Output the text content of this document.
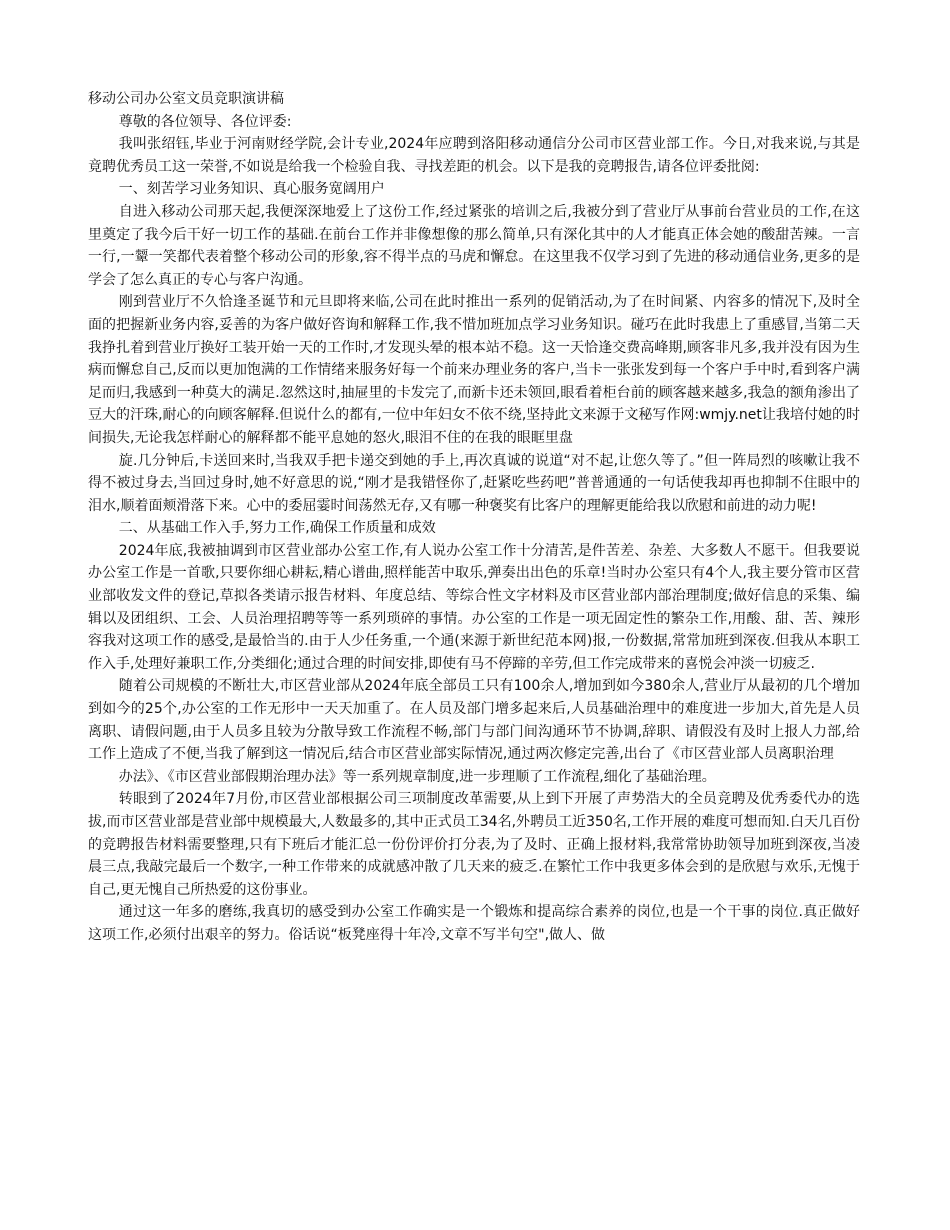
移动公司办公室文员竞职演讲稿

尊敬的各位领导、各位评委:

我叫张绍钰,毕业于河南财经学院,会计专业,2024年应聘到洛阳移动通信分公司市区营业部工作。今日,对我来说,与其是竟聘优秀员工这一荣誉,不如说是给我一个检验自我、寻找差距的机会。以下是我的竞聘报告,请各位评委批阅:

一、刻苦学习业务知识、真心服务宽阔用户

自进入移动公司那天起,我便深深地爱上了这份工作,经过紧张的培训之后,我被分到了营业厅从事前台营业员的工作,在这里奠定了我今后干好一切工作的基础.在前台工作并非像想像的那么简单,只有深化其中的人才能真正体会她的酸甜苦辣。一言一行,一颦一笑都代表着整个移动公司的形象,容不得半点的马虎和懈怠。在这里我不仅学习到了先进的移动通信业务,更多的是学会了怎么真正的专心与客户沟通。

刚到营业厅不久恰逢圣诞节和元旦即将来临,公司在此时推出一系列的促销活动,为了在时间紧、内容多的情况下,及时全面的把握新业务内容,妥善的为客户做好咨询和解释工作,我不惜加班加点学习业务知识。碰巧在此时我患上了重感冒,当第二天我挣扎着到营业厅换好工装开始一天的工作时,才发现头晕的根本站不稳。这一天恰逢交费高峰期,顾客非凡多,我并没有因为生病而懈怠自己,反而以更加饱满的工作情绪来服务好每一个前来办理业务的客户,当卡一张张发到每一个客户手中时,看到客户满足而归,我感到一种莫大的满足.忽然这时,抽屉里的卡发完了,而新卡还未领回,眼看着柜台前的顾客越来越多,我急的额角渗出了豆大的汗珠,耐心的向顾客解释.但说什么的都有,一位中年妇女不依不绕,坚持此文来源于文秘写作网:wmjy.net让我培付她的时间损失,无论我怎样耐心的解释都不能平息她的怒火,眼泪不住的在我的眼眶里盘

旋.几分钟后,卡送回来时,当我双手把卡递交到她的手上,再次真诚的说道“对不起,让您久等了。”但一阵局烈的咳嗽让我不得不被过身去,当回过身时,她不好意思的说,“刚才是我错怪你了,赶紧吃些药吧”普普通通的一句话使我却再也抑制不住眼中的泪水,顺着面颊滑落下来。心中的委屈霎时间荡然无存,又有哪一种褒奖有比客户的理解更能给我以欣慰和前进的动力呢!

二、从基础工作入手,努力工作,确保工作质量和成效

2024年底,我被抽调到市区营业部办公室工作,有人说办公室工作十分清苦,是件苦差、杂差、大多数人不愿干。但我要说办公室工作是一首歌,只要你细心耕耘,精心谱曲,照样能苦中取乐,弹奏出出色的乐章!当时办公室只有4个人,我主要分管市区营业部收发文件的登记,草拟各类请示报告材料、年度总结、等综合性文字材料及市区营业部内部治理制度;做好信息的采集、编辑以及团组织、工会、人员治理招聘等等一系列琐碎的事情。办公室的工作是一项无固定性的繁杂工作,用酸、甜、苦、辣形容我对这项工作的感受,是最恰当的.由于人少任务重,一个通(来源于新世纪范本网)报,一份数据,常常加班到深夜.但我从本职工作入手,处理好兼职工作,分类细化;通过合理的时间安排,即使有马不停蹄的辛劳,但工作完成带来的喜悦会冲淡一切疲乏.

随着公司规模的不断壮大,市区营业部从2024年底全部员工只有100余人,增加到如今380余人,营业厅从最初的几个增加到如今的25个,办公室的工作无形中一天天加重了。在人员及部门增多起来后,人员基础治理中的难度进一步加大,首先是人员离职、请假问题,由于人员多且较为分散导致工作流程不畅,部门与部门间沟通环节不协调,辞职、请假没有及时上报人力部,给工作上造成了不便,当我了解到这一情况后,结合市区营业部实际情况,通过两次修定完善,出台了《市区营业部人员离职治理

办法》、《市区营业部假期治理办法》等一系列规章制度,进一步理顺了工作流程,细化了基础治理。

转眼到了2024年7月份,市区营业部根据公司三项制度改革需要,从上到下开展了声势浩大的全员竞聘及优秀委代办的选拔,而市区营业部是营业部中规模最大,人数最多的,其中正式员工34名,外聘员工近350名,工作开展的难度可想而知.白天几百份的竞聘报告材料需要整理,只有下班后才能汇总一份份评价打分表,为了及时、正确上报材料,我常常协助领导加班到深夜,当凌晨三点,我敲完最后一个数字,一种工作带来的成就感冲散了几天来的疲乏.在繁忙工作中我更多体会到的是欣慰与欢乐,无愧于自己,更无愧自己所热爱的这份事业。

通过这一年多的磨练,我真切的感受到办公室工作确实是一个锻炼和提高综合素养的岗位,也是一个干事的岗位.真正做好这项工作,必须付出艰辛的努力。俗话说“板凳座得十年冷,文章不写半句空",做人、做
